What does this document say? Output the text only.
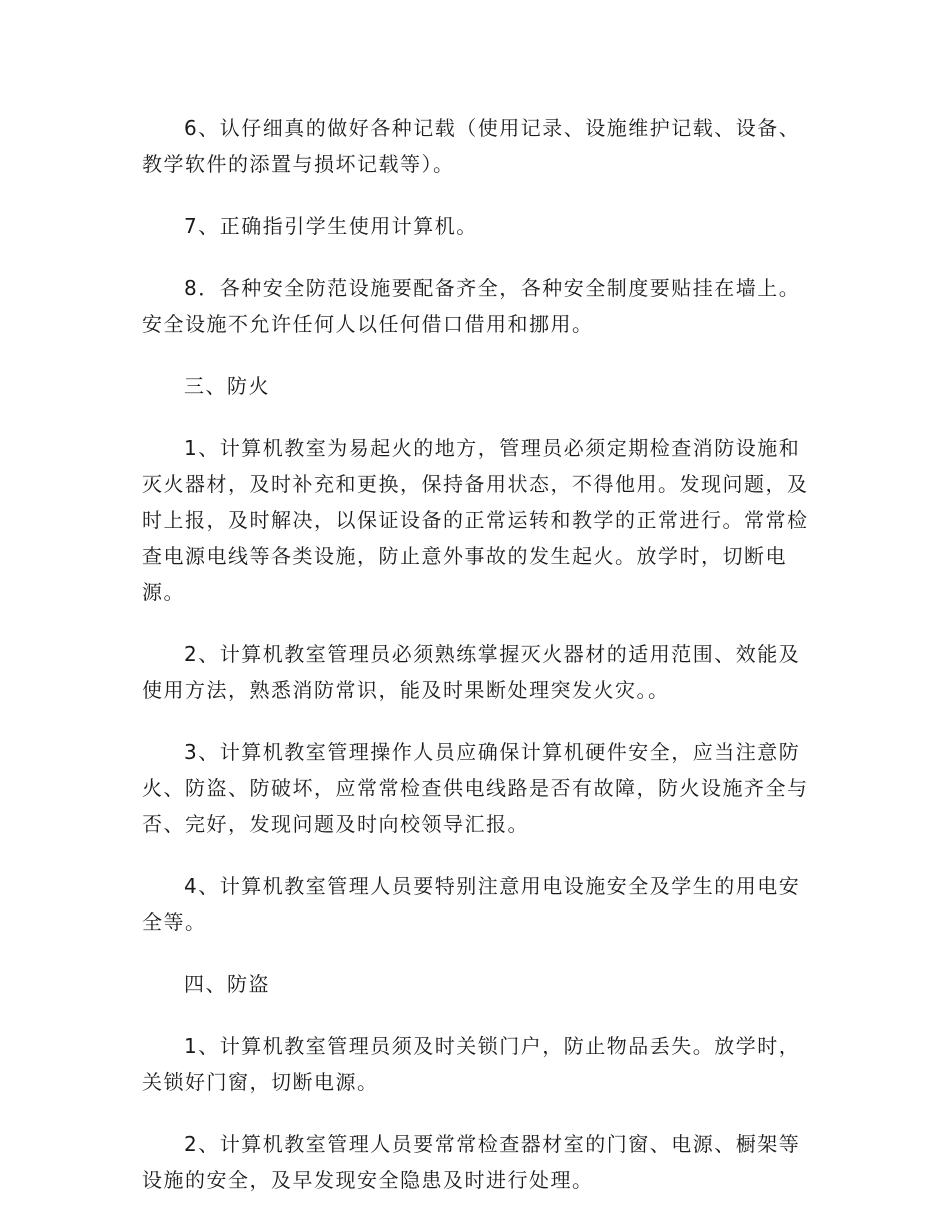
6、认仔细真的做好各种记载（使用记录、设施维护记载、设备、教学软件的添置与损坏记载等）。

7、正确指引学生使用计算机。

8．各种安全防范设施要配备齐全，各种安全制度要贴挂在墙上。安全设施不允许任何人以任何借口借用和挪用。

三、防火

1、计算机教室为易起火的地方，管理员必须定期检查消防设施和灭火器材，及时补充和更换，保持备用状态，不得他用。发现问题，及时上报，及时解决，以保证设备的正常运转和教学的正常进行。常常检查电源电线等各类设施，防止意外事故的发生起火。放学时，切断电源。

2、计算机教室管理员必须熟练掌握灭火器材的适用范围、效能及使用方法，熟悉消防常识，能及时果断处理突发火灾。。

3、计算机教室管理操作人员应确保计算机硬件安全，应当注意防火、防盗、防破坏，应常常检查供电线路是否有故障，防火设施齐全与否、完好，发现问题及时向校领导汇报。

4、计算机教室管理人员要特别注意用电设施安全及学生的用电安全等。

四、防盗

1、计算机教室管理员须及时关锁门户，防止物品丢失。放学时，关锁好门窗，切断电源。

2、计算机教室管理人员要常常检查器材室的门窗、电源、橱架等设施的安全，及早发现安全隐患及时进行处理。
